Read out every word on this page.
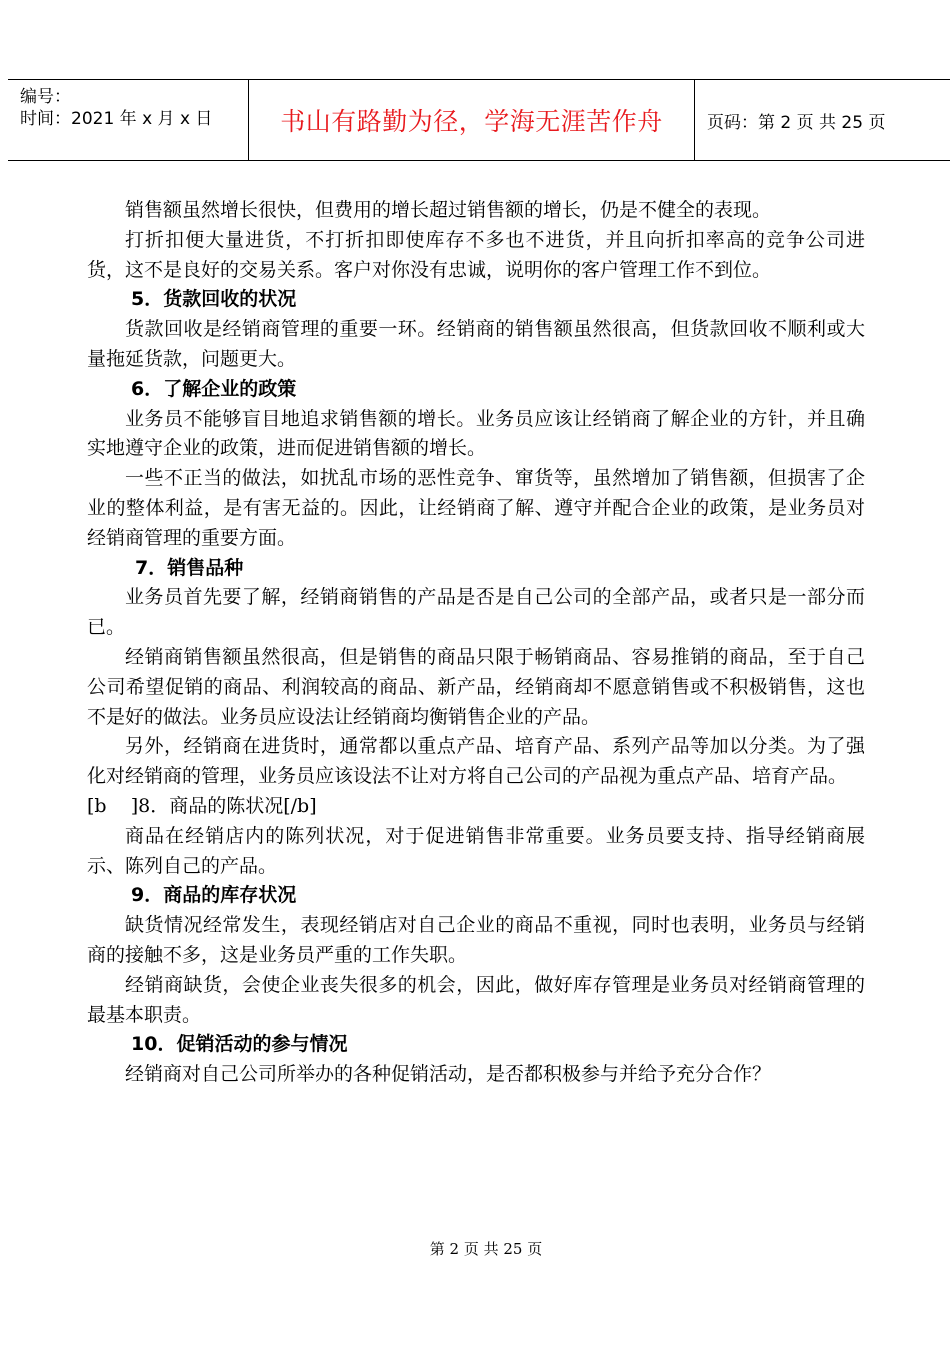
编号：
时间：2021 年 x 月 x 日	书山有路勤为径，学海无涯苦作舟	页码：第 2 页 共 25 页

销售额虽然增长很快，但费用的增长超过销售额的增长，仍是不健全的表现。

打折扣便大量进货，不打折扣即使库存不多也不进货，并且向折扣率高的竞争公司进货，这不是良好的交易关系。客户对你没有忠诚，说明你的客户管理工作不到位。

5．货款回收的状况

货款回收是经销商管理的重要一环。经销商的销售额虽然很高，但货款回收不顺利或大量拖延货款，问题更大。

6．了解企业的政策

业务员不能够盲目地追求销售额的增长。业务员应该让经销商了解企业的方针，并且确实地遵守企业的政策，进而促进销售额的增长。

一些不正当的做法，如扰乱市场的恶性竞争、窜货等，虽然增加了销售额，但损害了企业的整体利益，是有害无益的。因此，让经销商了解、遵守并配合企业的政策，是业务员对经销商管理的重要方面。

7．销售品种

业务员首先要了解，经销商销售的产品是否是自己公司的全部产品，或者只是一部分而已。

经销商销售额虽然很高，但是销售的商品只限于畅销商品、容易推销的商品，至于自己公司希望促销的商品、利润较高的商品、新产品，经销商却不愿意销售或不积极销售，这也不是好的做法。业务员应设法让经销商均衡销售企业的产品。

另外，经销商在进货时，通常都以重点产品、培育产品、系列产品等加以分类。为了强化对经销商的管理，业务员应该设法不让对方将自己公司的产品视为重点产品、培育产品。

[b    ]8．商品的陈状况[/b]

商品在经销店内的陈列状况，对于促进销售非常重要。业务员要支持、指导经销商展示、陈列自己的产品。

9．商品的库存状况

缺货情况经常发生，表现经销店对自己企业的商品不重视，同时也表明，业务员与经销商的接触不多，这是业务员严重的工作失职。

经销商缺货，会使企业丧失很多的机会，因此，做好库存管理是业务员对经销商管理的最基本职责。

10．促销活动的参与情况

经销商对自己公司所举办的各种促销活动，是否都积极参与并给予充分合作？

第 2 页 共 25 页
